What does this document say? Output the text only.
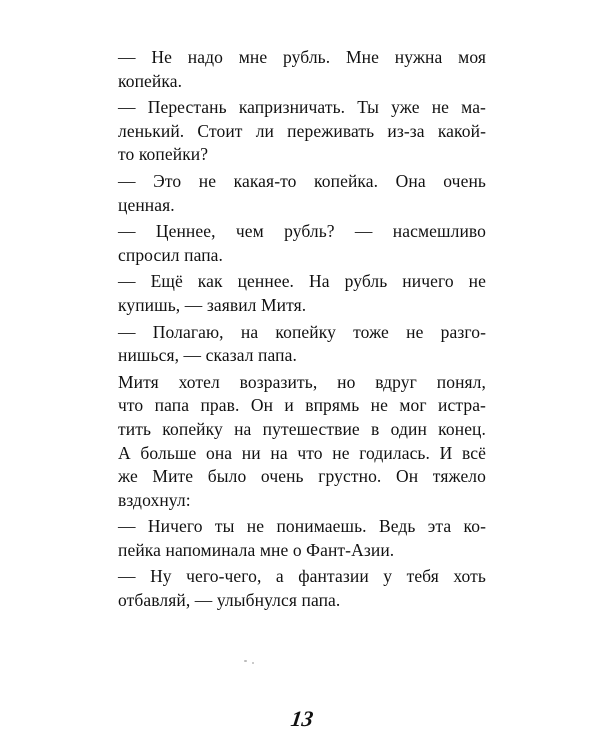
— Не надо мне рубль. Мне нужна моя
копейка.
— Перестань капризничать. Ты уже не ма-
ленький. Стоит ли переживать из-за какой-
то копейки?
— Это не какая-то копейка. Она очень
ценная.
— Ценнее, чем рубль? — насмешливо
спросил папа.
— Ещё как ценнее. На рубль ничего не
купишь, — заявил Митя.
— Полагаю, на копейку тоже не разго-
нишься, — сказал папа.
Митя хотел возразить, но вдруг понял,
что папа прав. Он и впрямь не мог истра-
тить копейку на путешествие в один конец.
А больше она ни на что не годилась. И всё
же Мите было очень грустно. Он тяжело
вздохнул:
— Ничего ты не понимаешь. Ведь эта ко-
пейка напоминала мне о Фант-Азии.
— Ну чего-чего, а фантазии у тебя хоть
отбавляй, — улыбнулся папа.
13
